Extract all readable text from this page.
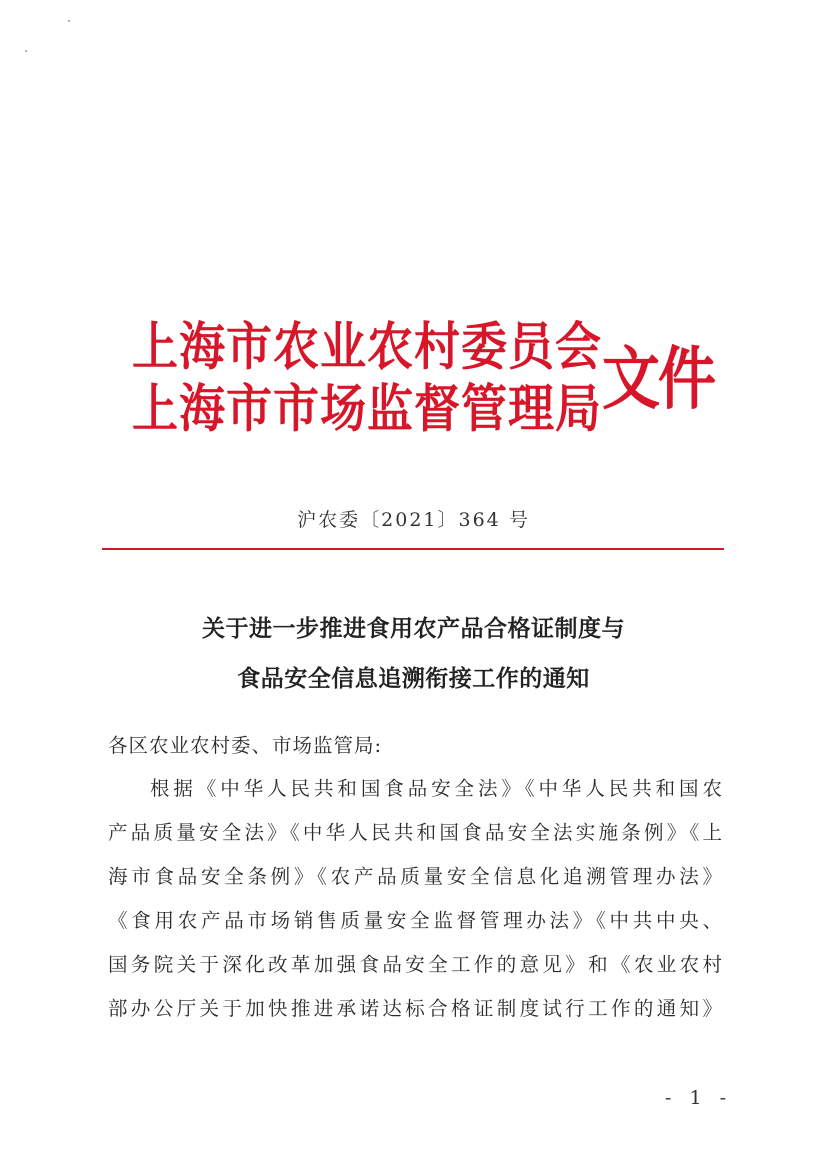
上海市农业农村委员会
上海市市场监督管理局 文件
沪农委〔2021〕364 号
关于进一步推进食用农产品合格证制度与
食品安全信息追溯衔接工作的通知
各区农业农村委、市场监管局:
根据《中华人民共和国食品安全法》《中华人民共和国农
产品质量安全法》《中华人民共和国食品安全法实施条例》《上
海市食品安全条例》《农产品质量安全信息化追溯管理办法》
《食用农产品市场销售质量安全监督管理办法》《中共中央、
国务院关于深化改革加强食品安全工作的意见》和《农业农村
部办公厅关于加快推进承诺达标合格证制度试行工作的通知》
- 1 -
